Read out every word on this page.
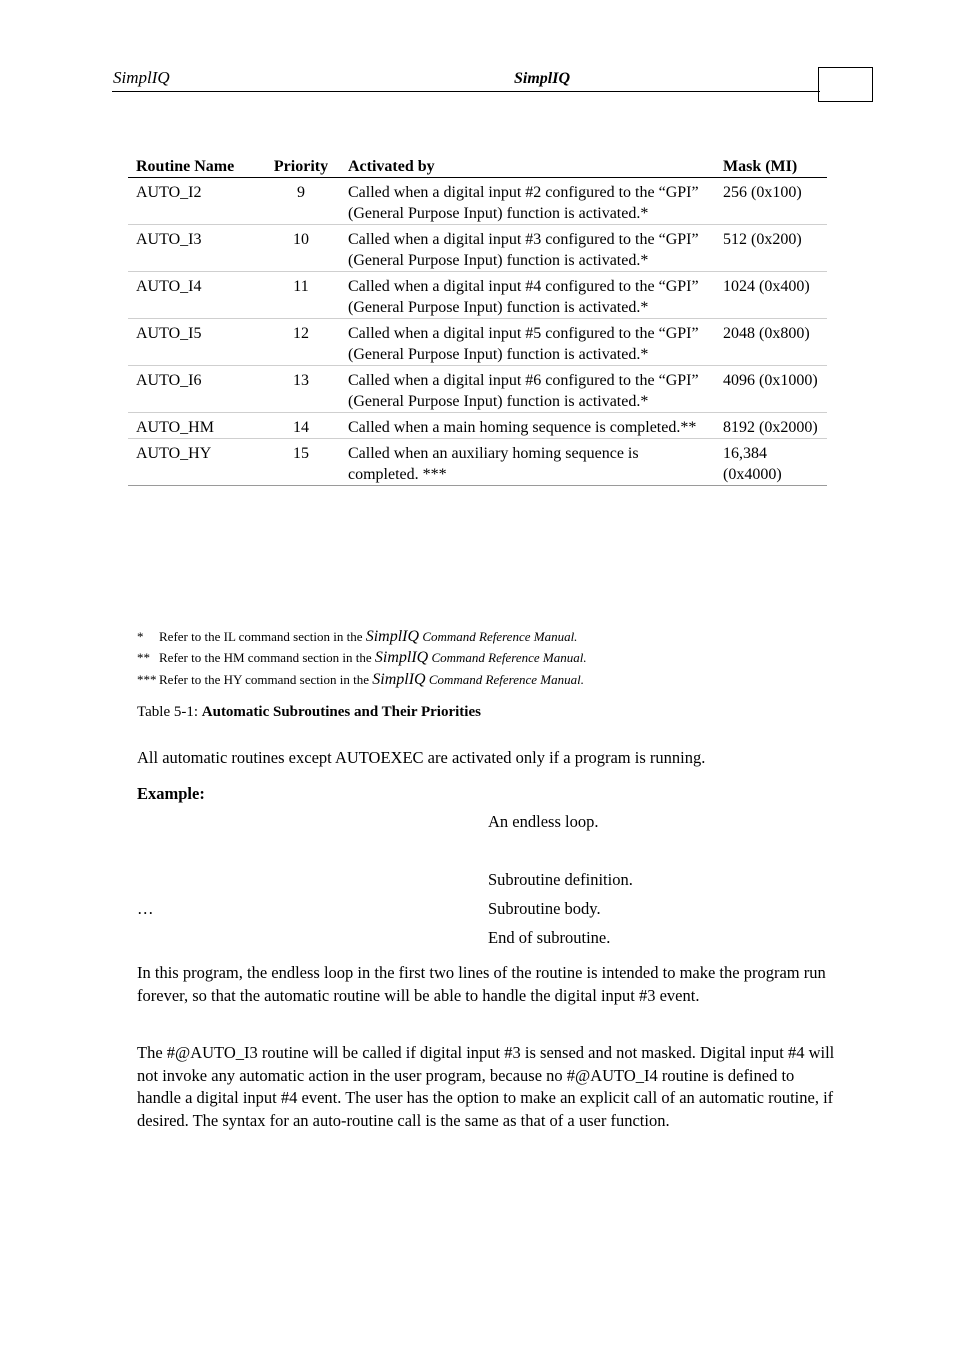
SimplIQ	SimplIQ
Routine Name	Priority	Activated by	Mask (MI)
AUTO_I2	9	Called when a digital input #2 configured to the “GPI” (General Purpose Input) function is activated.*	256 (0x100)
AUTO_I3	10	Called when a digital input #3 configured to the “GPI” (General Purpose Input) function is activated.*	512 (0x200)
AUTO_I4	11	Called when a digital input #4 configured to the “GPI” (General Purpose Input) function is activated.*	1024 (0x400)
AUTO_I5	12	Called when a digital input #5 configured to the “GPI” (General Purpose Input) function is activated.*	2048 (0x800)
AUTO_I6	13	Called when a digital input #6 configured to the “GPI” (General Purpose Input) function is activated.*	4096 (0x1000)
AUTO_HM	14	Called when a main homing sequence is completed.**	8192 (0x2000)
AUTO_HY	15	Called when an auxiliary homing sequence is completed. ***	16,384 (0x4000)
* Refer to the IL command section in the SimplIQ Command Reference Manual.
** Refer to the HM command section in the SimplIQ Command Reference Manual.
*** Refer to the HY command section in the SimplIQ Command Reference Manual.
Table 5-1: Automatic Subroutines and Their Priorities
All automatic routines except AUTOEXEC are activated only if a program is running.
Example:
An endless loop.
Subroutine definition.
…	Subroutine body.
End of subroutine.
In this program, the endless loop in the first two lines of the routine is intended to make the program run forever, so that the automatic routine will be able to handle the digital input #3 event.
The #@AUTO_I3 routine will be called if digital input #3 is sensed and not masked. Digital input #4 will not invoke any automatic action in the user program, because no #@AUTO_I4 routine is defined to handle a digital input #4 event. The user has the option to make an explicit call of an automatic routine, if desired. The syntax for an auto-routine call is the same as that of a user function.
